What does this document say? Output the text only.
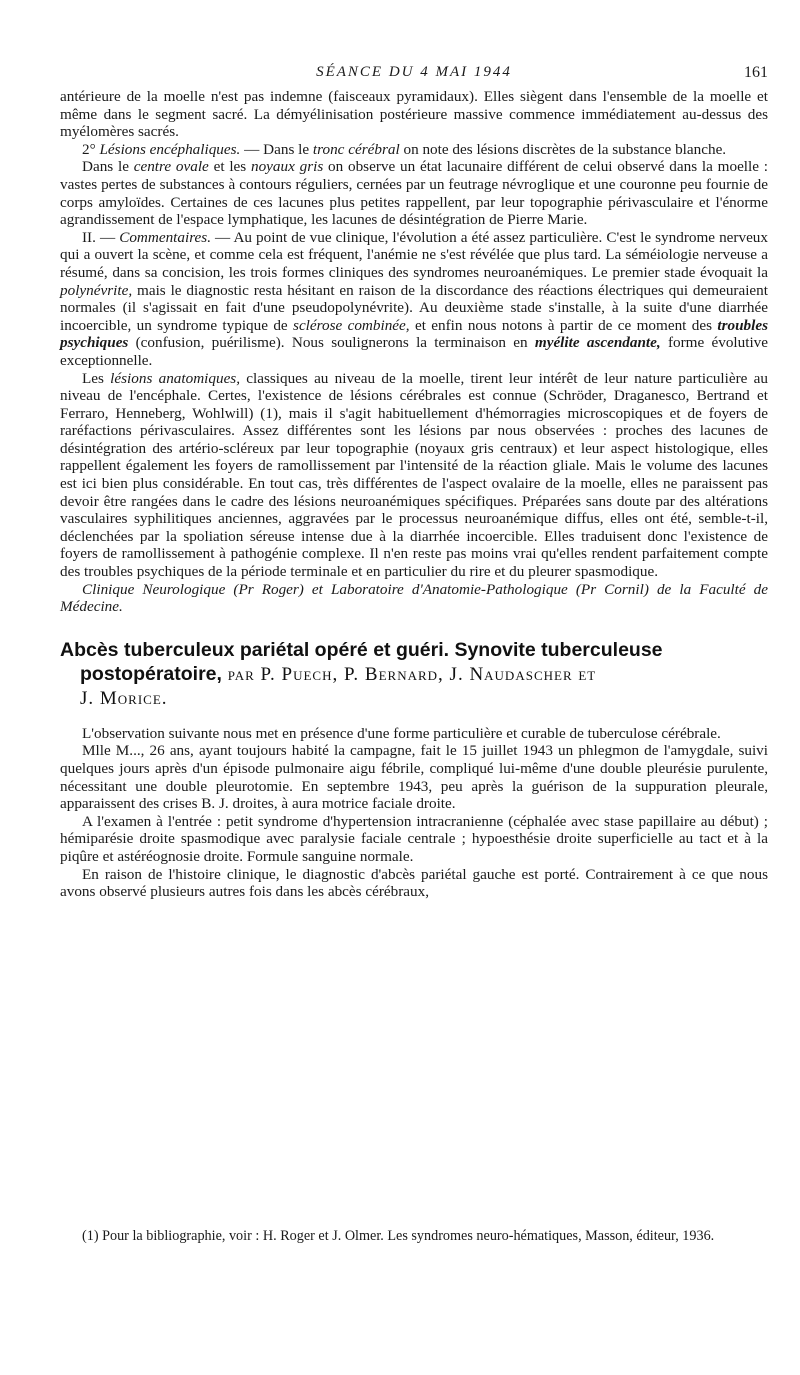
SÉANCE DU 4 MAI 1944	161

antérieure de la moelle n'est pas indemne (faisceaux pyramidaux). Elles siègent dans l'ensemble de la moelle et même dans le segment sacré. La démyélinisation postérieure massive commence immédiatement au-dessus des myélomères sacrés.

2° Lésions encéphaliques. — Dans le tronc cérébral on note des lésions discrètes de la substance blanche.

Dans le centre ovale et les noyaux gris on observe un état lacunaire différent de celui observé dans la moelle : vastes pertes de substances à contours réguliers, cernées par un feutrage névroglique et une couronne peu fournie de corps amyloïdes. Certaines de ces lacunes plus petites rappellent, par leur topographie périvasculaire et l'énorme agrandissement de l'espace lymphatique, les lacunes de désintégration de Pierre Marie.

II. — Commentaires. — Au point de vue clinique, l'évolution a été assez particulière. C'est le syndrome nerveux qui a ouvert la scène, et comme cela est fréquent, l'anémie ne s'est révélée que plus tard. La séméiologie nerveuse a résumé, dans sa concision, les trois formes cliniques des syndromes neuroanémiques. Le premier stade évoquait la polynévrite, mais le diagnostic resta hésitant en raison de la discordance des réactions électriques qui demeuraient normales (il s'agissait en fait d'une pseudopolynévrite). Au deuxième stade s'installe, à la suite d'une diarrhée incoercible, un syndrome typique de sclérose combinée, et enfin nous notons à partir de ce moment des troubles psychiques (confusion, puérilisme). Nous soulignerons la terminaison en myélite ascendante, forme évolutive exceptionnelle.

Les lésions anatomiques, classiques au niveau de la moelle, tirent leur intérêt de leur nature particulière au niveau de l'encéphale. Certes, l'existence de lésions cérébrales est connue (Schröder, Draganesco, Bertrand et Ferraro, Henneberg, Wohlwill) (1), mais il s'agit habituellement d'hémorragies microscopiques et de foyers de raréfactions périvasculaires. Assez différentes sont les lésions par nous observées : proches des lacunes de désintégration des artério-scléreux par leur topographie (noyaux gris centraux) et leur aspect histologique, elles rappellent également les foyers de ramollissement par l'intensité de la réaction gliale. Mais le volume des lacunes est ici bien plus considérable. En tout cas, très différentes de l'aspect ovalaire de la moelle, elles ne paraissent pas devoir être rangées dans le cadre des lésions neuroanémiques spécifiques. Préparées sans doute par des altérations vasculaires syphilitiques anciennes, aggravées par le processus neuroanémique diffus, elles ont été, semble-t-il, déclenchées par la spoliation séreuse intense due à la diarrhée incoercible. Elles traduisent donc l'existence de foyers de ramollissement à pathogénie complexe. Il n'en reste pas moins vrai qu'elles rendent parfaitement compte des troubles psychiques de la période terminale et en particulier du rire et du pleurer spasmodique.

Clinique Neurologique (Pr Roger) et Laboratoire d'Anatomie-Pathologique (Pr Cornil) de la Faculté de Médecine.

Abcès tuberculeux pariétal opéré et guéri. Synovite tuberculeuse
postopératoire, par P. Puech, P. Bernard, J. Naudascher et
J. Morice.

L'observation suivante nous met en présence d'une forme particulière et curable de tuberculose cérébrale.

Mlle M..., 26 ans, ayant toujours habité la campagne, fait le 15 juillet 1943 un phlegmon de l'amygdale, suivi quelques jours après d'un épisode pulmonaire aigu fébrile, compliqué lui-même d'une double pleurésie purulente, nécessitant une double pleurotomie. En septembre 1943, peu après la guérison de la suppuration pleurale, apparaissent des crises B. J. droites, à aura motrice faciale droite.

A l'examen à l'entrée : petit syndrome d'hypertension intracranienne (céphalée avec stase papillaire au début) ; hémiparésie droite spasmodique avec paralysie faciale centrale ; hypoesthésie droite superficielle au tact et à la piqûre et astéréognosie droite. Formule sanguine normale.

En raison de l'histoire clinique, le diagnostic d'abcès pariétal gauche est porté. Contrairement à ce que nous avons observé plusieurs autres fois dans les abcès cérébraux,

(1) Pour la bibliographie, voir : H. Roger et J. Olmer. Les syndromes neuro-hématiques, Masson, éditeur, 1936.
